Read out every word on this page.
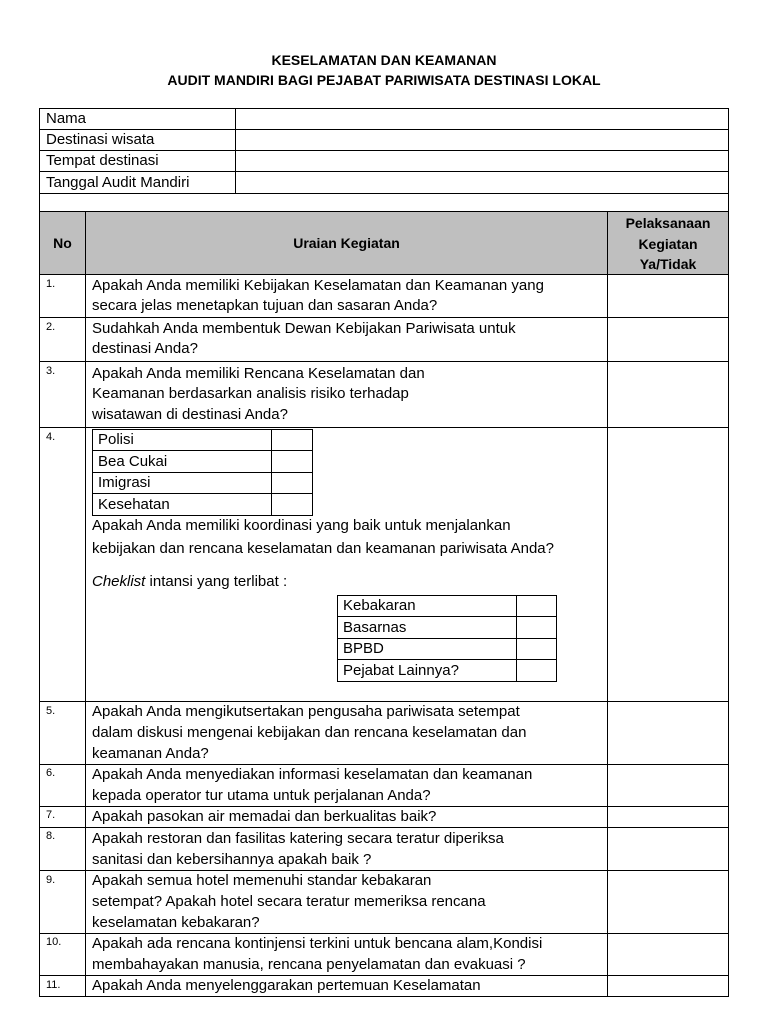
KESELAMATAN DAN KEAMANAN
AUDIT MANDIRI BAGI PEJABAT PARIWISATA DESTINASI LOKAL
Nama
Destinasi wisata
Tempat destinasi
Tanggal Audit Mandiri
No	Uraian Kegiatan
Pelaksanaan
Kegiatan
Ya/Tidak
1. Apakah Anda memiliki Kebijakan Keselamatan dan Keamanan yang
secara jelas menetapkan tujuan dan sasaran Anda?
2. Sudahkah Anda membentuk Dewan Kebijakan Pariwisata untuk
destinasi Anda?
3. Apakah Anda memiliki Rencana Keselamatan dan
Keamanan berdasarkan analisis risiko terhadap
wisatawan di destinasi Anda?
4.	Polisi
Bea Cukai
Imigrasi
Kesehatan
Apakah Anda memiliki koordinasi yang baik untuk menjalankan
kebijakan dan rencana keselamatan dan keamanan pariwisata Anda?
Cheklist intansi yang terlibat :
Kebakaran
Basarnas
BPBD
Pejabat Lainnya?
5. Apakah Anda mengikutsertakan pengusaha pariwisata setempat
dalam diskusi mengenai kebijakan dan rencana keselamatan dan
keamanan Anda?
6. Apakah Anda menyediakan informasi keselamatan dan keamanan
kepada operator tur utama untuk perjalanan Anda?
7. Apakah pasokan air memadai dan berkualitas baik?
8. Apakah restoran dan fasilitas katering secara teratur diperiksa
sanitasi dan kebersihannya apakah baik ?
9. Apakah semua hotel memenuhi standar kebakaran
setempat? Apakah hotel secara teratur memeriksa rencana
keselamatan kebakaran?
10. Apakah ada rencana kontinjensi terkini untuk bencana alam,Kondisi
membahayakan manusia, rencana penyelamatan dan evakuasi ?
11. Apakah Anda menyelenggarakan pertemuan Keselamatan
